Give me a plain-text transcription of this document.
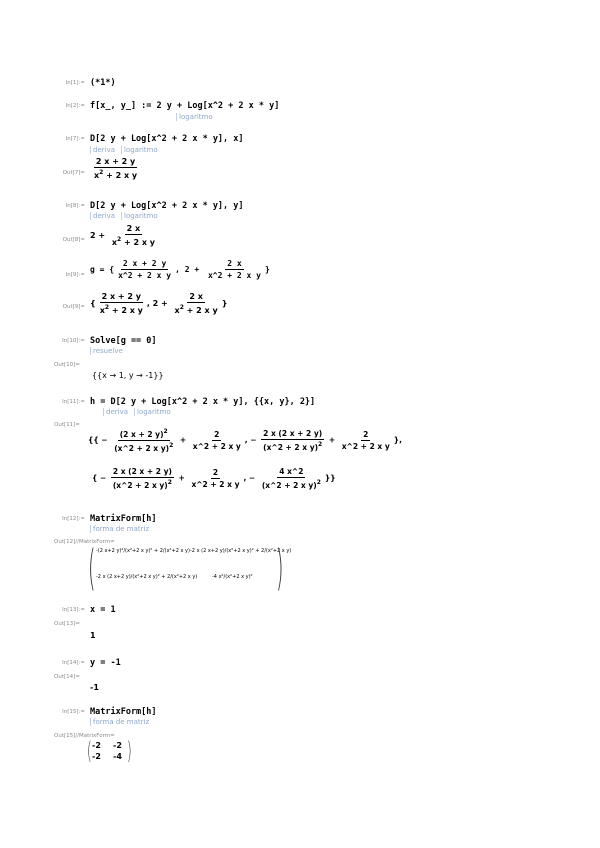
In[1]:= (*1*)
In[2]:= f[x_, y_] := 2 y + Log[x^2 + 2 x * y]
logaritmo
In[7]:= D[2 y + Log[x^2 + 2 x * y], x]
deriva logaritmo
$Out[7]= \frac{2 x + 2 y}{x^2 + 2 x y}$
In[8]:= D[2 y + Log[x^2 + 2 x * y], y]
deriva logaritmo
$Out[8]= 2 + \frac{2 x}{x^2 + 2 x y}$
In[9]:=
g = { $\frac{2 x + 2 y}{\text{x\textasciicircum{}2 + 2 x y}}$ , $2 + \frac{2 x}{\text{x\textasciicircum{}2 + 2 x y}}$ }
Out[9]= { $\frac{2 x + 2 y}{x^2 + 2 x y}$ , $2 + \frac{2 x}{x^2 + 2 x y}$ }
In[10]:= Solve[g == 0]
resuelve
Out[10]=
{{x → 1, y → -1}}
In[11]:= h = D[2 y + Log[x^2 + 2 x * y], {{x, y}, 2}]
deriva logaritmo
Out[11]=
{{ − $\frac{(2 x + 2 y)^2}{(x\^{}2 + 2 x y)^2} + \frac{2}{\text{x\textasciicircum{}2 + 2 x y}}$ , − $\frac{2 x (2 x + 2 y)}{(x\^{}2 + 2 x y)^2} + \frac{2}{\text{x\textasciicircum{}2 + 2 x y}}$ },
{ − $\frac{2 x (2 x + 2 y)}{(x\^{}2 + 2 x y)^2} + \frac{2}{\text{x\textasciicircum{}2 + 2 x y}}$ , − $\frac{4 x\^{}2}{(x\^{}2 + 2 x y)^2}$ }}
In[12]:= MatrixForm[h]
forma de matriz
Out[12]//MatrixForm=
(	)
-(2 x+2 y)²/(x²+2 x y)² + 2/(x²+2 x y) -2 x (2 x+2 y)/(x²+2 x y)² + 2/(x²+2 x y)
-2 x (2 x+2 y)/(x²+2 x y)² + 2/(x²+2 x y)	-4 x²/(x²+2 x y)²
In[13]:= x = 1
Out[13]=
1
In[14]:= y = -1
Out[14]=
-1
In[15]:= MatrixForm[h]
forma de matriz
Out[15]//MatrixForm=
( )
-2 -2
-2 -4
